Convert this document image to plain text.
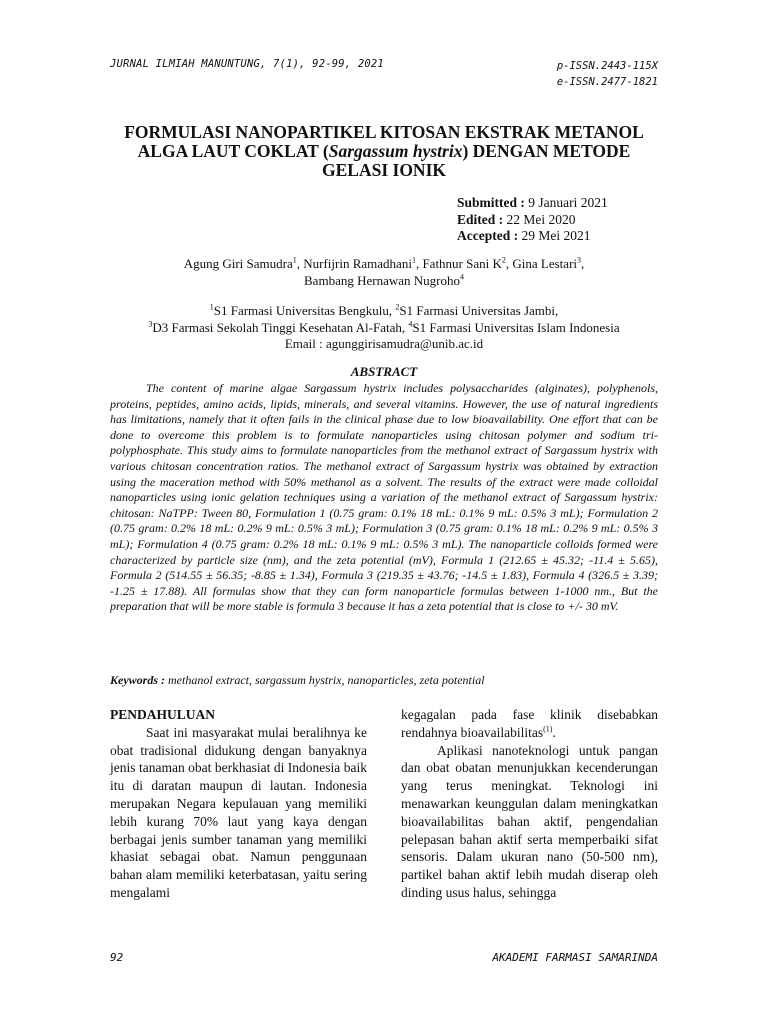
JURNAL ILMIAH MANUNTUNG, 7(1), 92-99, 2021	p-ISSN.2443-115X
e-ISSN.2477-1821
FORMULASI NANOPARTIKEL KITOSAN EKSTRAK METANOL
ALGA LAUT COKLAT (Sargassum hystrix) DENGAN METODE
GELASI IONIK
Submitted : 9 Januari 2021
Edited : 22 Mei 2020
Accepted : 29 Mei 2021
Agung Giri Samudra$^1$, Nurfijrin Ramadhani$^1$, Fathnur Sani $K^2$, Gina Lestari$^3$,
Bambang Hernawan Nugroho$^4$
$^1$S1 Farmasi Universitas Bengkulu, $^2$S1 Farmasi Universitas Jambi,
$^3$D3 Farmasi Sekolah Tinggi Kesehatan Al-Fatah, $^4$S1 Farmasi Universitas Islam Indonesia
Email : agunggirisamudra@unib.ac.id
ABSTRACT

The content of marine algae Sargassum hystrix includes polysaccharides (alginates), polyphenols, proteins, peptides, amino acids, lipids, minerals, and several vitamins. However, the use of natural ingredients has limitations, namely that it often fails in the clinical phase due to low bioavailability. One effort that can be done to overcome this problem is to formulate nanoparticles using chitosan polymer and sodium tri-polyphosphate. This study aims to formulate nanoparticles from the methanol extract of Sargassum hystrix with various chitosan concentration ratios. The methanol extract of Sargassum hystrix was obtained by extraction using the maceration method with 50% methanol as a solvent. The results of the extract were made colloidal nanoparticles using ionic gelation techniques using a variation of the methanol extract of Sargassum hystrix: chitosan: NaTPP: Tween 80, Formulation 1 (0.75 gram: 0.1% 18 mL: 0.1% 9 mL: 0.5% 3 mL); Formulation 2 (0.75 gram: 0.2% 18 mL: 0.2% 9 mL: 0.5% 3 mL); Formulation 3 (0.75 gram: 0.1% 18 mL: 0.2% 9 mL: 0.5% 3 mL); Formulation 4 (0.75 gram: 0.2% 18 mL: 0.1% 9 mL: 0.5% 3 mL). The nanoparticle colloids formed were characterized by particle size (nm), and the zeta potential (mV), Formula 1 (212.65 ± 45.32; -11.4 ± 5.65), Formula 2 (514.55 ± 56.35; -8.85 ± 1.34), Formula 3 (219.35 ± 43.76; -14.5 ± 1.83), Formula 4 (326.5 ± 3.39; -1.25 ± 17.88). All formulas show that they can form nanoparticle formulas between 1-1000 nm., But the preparation that will be more stable is formula 3 because it has a zeta potential that is close to +/- 30 mV.

Keywords : methanol extract, sargassum hystrix, nanoparticles, zeta potential

PENDAHULUAN

Saat ini masyarakat mulai beralihnya ke obat tradisional didukung dengan banyaknya jenis tanaman obat berkhasiat di Indonesia baik itu di daratan maupun di lautan. Indonesia merupakan Negara kepulauan yang memiliki lebih kurang 70% laut yang kaya dengan berbagai jenis sumber tanaman yang memiliki khasiat sebagai obat. Namun penggunaan bahan alam memiliki keterbatasan, yaitu sering mengalami

kegagalan pada fase klinik disebabkan rendahnya bioavailabilitas$^{(1)}$.

Aplikasi nanoteknologi untuk pangan dan obat obatan menunjukkan kecenderungan yang terus meningkat. Teknologi ini menawarkan keunggulan dalam meningkatkan bioavailabilitas bahan aktif, pengendalian pelepasan bahan aktif serta memperbaiki sifat sensoris. Dalam ukuran nano (50-500 nm), partikel bahan aktif lebih mudah diserap oleh dinding usus halus, sehingga

92	AKADEMI FARMASI SAMARINDA
